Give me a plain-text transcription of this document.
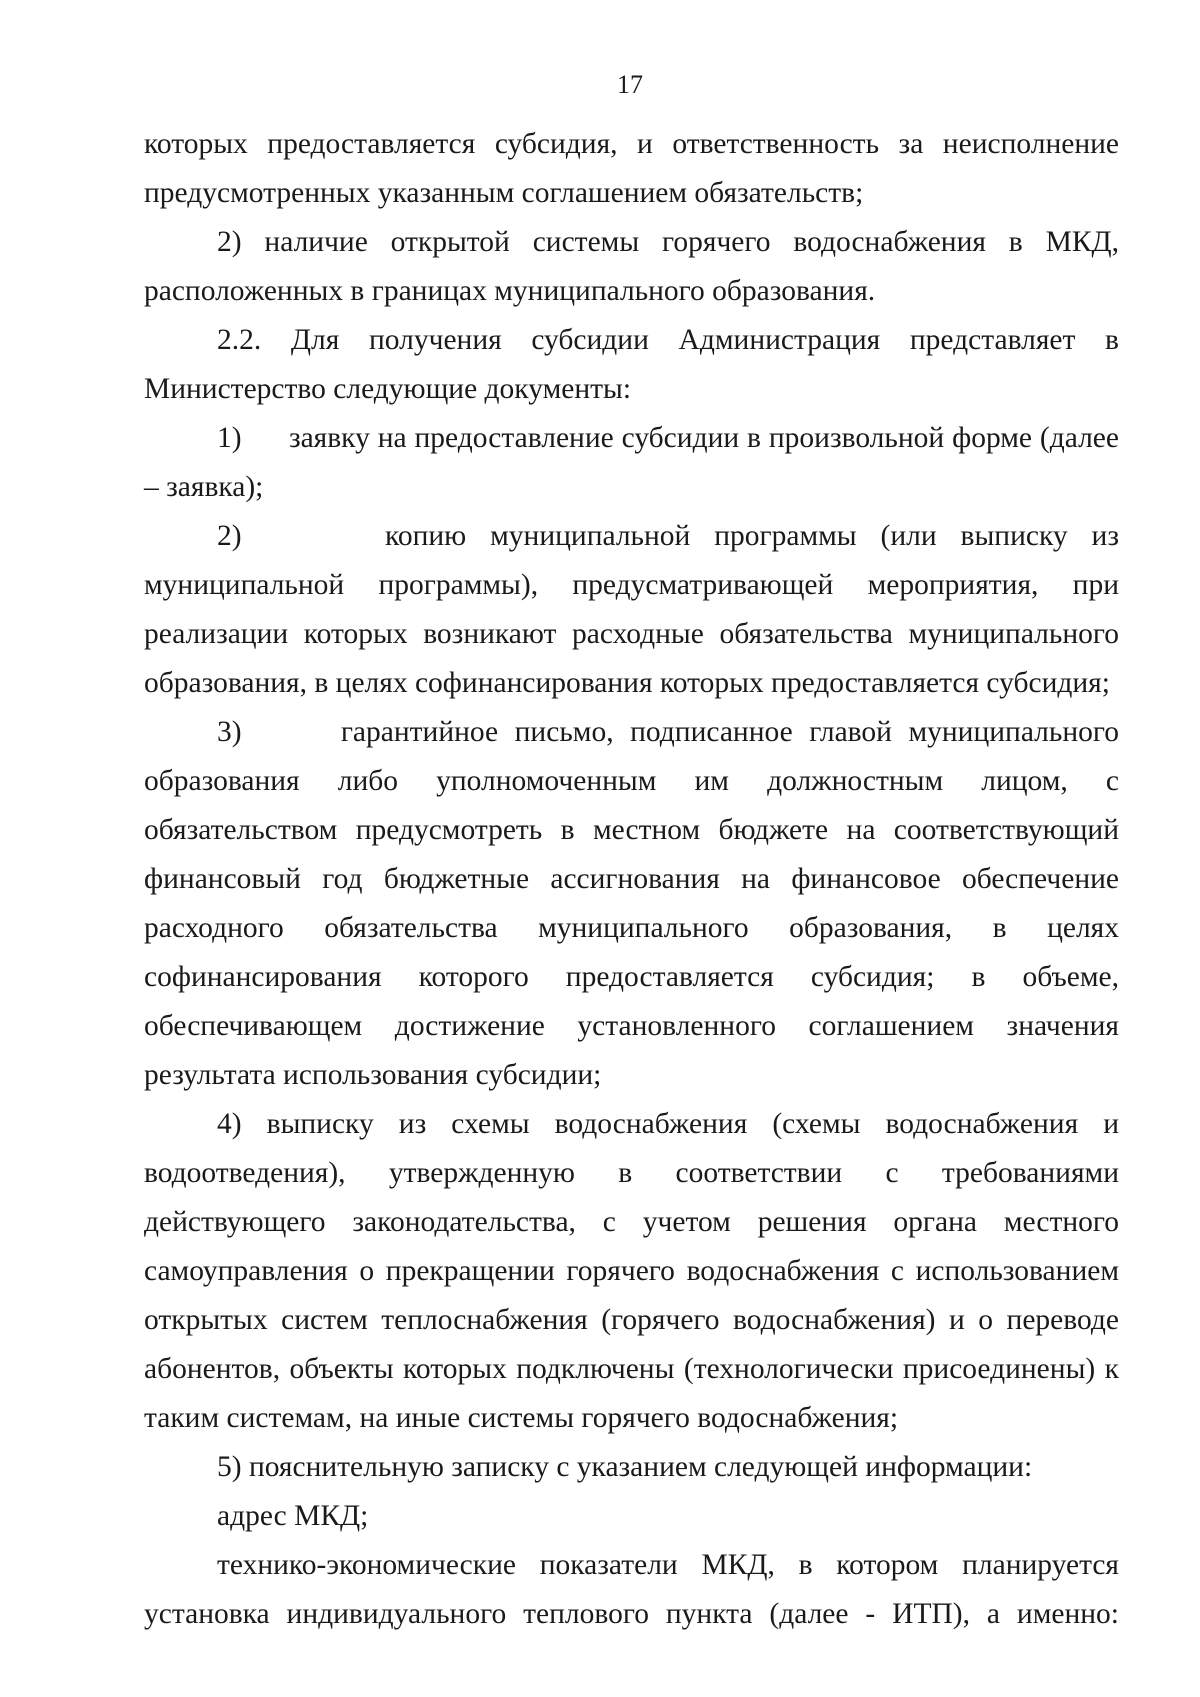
17

которых предоставляется субсидия, и ответственность за неисполнение предусмотренных указанным соглашением обязательств;

2) наличие открытой системы горячего водоснабжения в МКД, расположенных в границах муниципального образования.

2.2. Для получения субсидии Администрация представляет в Министерство следующие документы:

1)      заявку на предоставление субсидии в произвольной форме (далее – заявка);

2)      копию муниципальной программы (или выписку из муниципальной программы), предусматривающей мероприятия, при реализации которых возникают расходные обязательства муниципального образования, в целях софинансирования которых предоставляется субсидия;

3)      гарантийное письмо, подписанное главой муниципального образования либо уполномоченным им должностным лицом, с обязательством предусмотреть в местном бюджете на соответствующий финансовый год бюджетные ассигнования на финансовое обеспечение расходного обязательства муниципального образования, в целях софинансирования которого предоставляется субсидия; в объеме, обеспечивающем достижение установленного соглашением значения результата использования субсидии;

4) выписку из схемы водоснабжения (схемы водоснабжения и водоотведения), утвержденную в соответствии с требованиями действующего законодательства, с учетом решения органа местного самоуправления о прекращении горячего водоснабжения с использованием открытых систем теплоснабжения (горячего водоснабжения) и о переводе абонентов, объекты которых подключены (технологически присоединены) к таким системам, на иные системы горячего водоснабжения;

5) пояснительную записку с указанием следующей информации:

адрес МКД;

технико-экономические показатели МКД, в котором планируется установка индивидуального теплового пункта (далее - ИТП), а именно:
